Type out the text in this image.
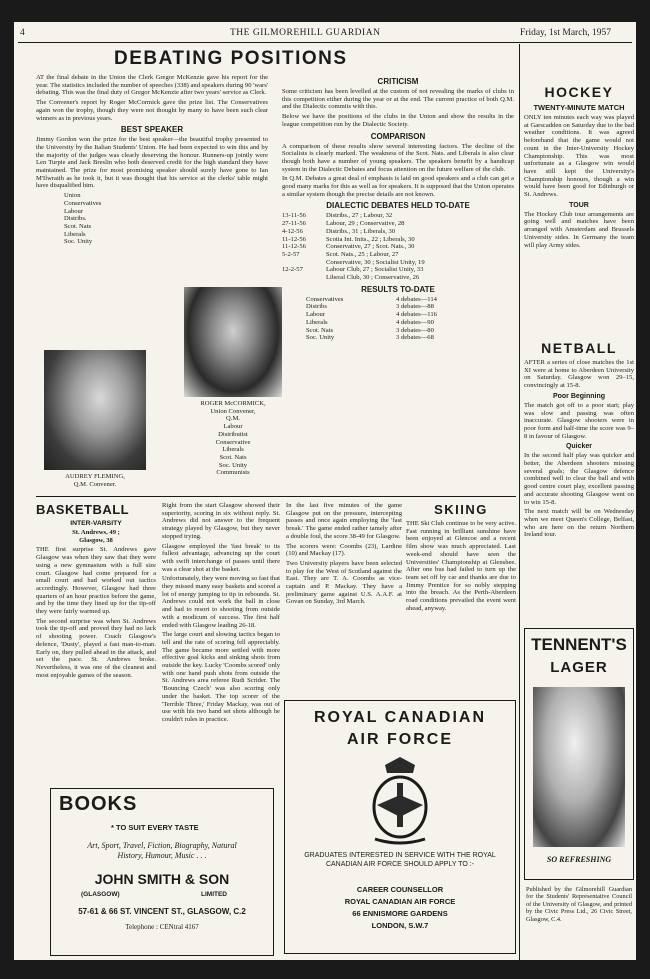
4	THE GILMOREHILL GUARDIAN	Friday, 1st March, 1957
DEBATING POSITIONS

AT the final debate in the Union the Clerk Gregor McKenzie gave his report for the year. The statistics included the number of speeches (338) and speakers during 90 'wars' debating. This was the final duty of Gregor McKenzie after two years' service as Clerk.

The Convener's report by Roger McCormick gave the prize list. The Conservatives again won the trophy, though they were not thought by many to have been such clear winners as in previous years.

BEST SPEAKER

Jimmy Gordon won the prize for the best speaker—the beautiful trophy presented to the University by the Italian Students' Union. He had been expected to win this and by the majority of the judges was clearly deserving the honour. Runners-up jointly were Len Turpie and Jack Breslin who both deserved credit for the high standard they have maintained. The prize for most promising speaker should surely have gone to Ian M'Ilwraith as he took it, but it was thought that his service at the clerks' table might have disqualified him.

Union
Conservatives
Labour
Distribs.
Scot. Nats
Liberals
Soc. Unity
ROGER McCORMICK,
Union Convener,
Q.M.
Labour
Distributist
Conservative
Liberals
Scot. Nats
Soc. Unity
Communists
AUDREY FLEMING,
Q.M. Convener.
CRITICISM

Some criticism has been levelled at the custom of not revealing the marks of clubs in this competition either during the year or at the end. The current practice of both Q.M. and the Dialectic commits with this.

Below we have the positions of the clubs in the Union and show the results in the league competition run by the Dialectic Society.

COMPARISON

A comparison of these results show several interesting factors. The decline of the Socialists is clearly marked. The weakness of the Scot. Nats. and Liberals is also clear though both have a number of young speakers. The speakers benefit by a handicap system in the Dialectic Debates and focus attention on the future welfare of the club.

In Q.M. Debates a great deal of emphasis is laid on good speakers and a club can get a good many marks for this as well as for speakers. It is supposed that the Union operates a similar system though the precise details are not known.

DIALECTIC DEBATES HELD TO-DATE
13-11-56	Distribs., 27 ; Labour, 32
27-11-56	Labour, 29 ; Conservative, 28
4-12-56	Distribs., 31 ; Liberals, 30
11-12-56	Scotia Int. Inits., 22 ; Liberals, 30
11-12-56	Conservative, 27 ; Scot. Nats., 30
5-2-57	Scot. Nats., 25 ; Labour, 27
Conservative, 30 ; Socialist Unity, 19
12-2-57	Labour Club, 27 ; Socialist Unity, 33
Liberal Club, 30 ; Conservative, 26
RESULTS TO-DATE
Conservatives	4 debates—114
Distribs	3 debates—88
Labour	4 debates—116
Liberals	4 debates—90
Scot. Nats	3 debates—80
Soc. Unity	3 debates—68
BASKETBALL
INTER-VARSITY
St. Andrews, 49 ;
Glasgow, 38

THE first surprise St. Andrews gave Glasgow was when they saw that they were using a new gymnasium with a full size court. Glasgow had come prepared for a small court and had worked out tactics accordingly. However, Glasgow had three quarters of an hour practice before the game, and by the time they lined up for the tip-off they were fairly warmed up.

The second surprise was when St. Andrews took the tip-off and proved they had no lack of shooting power. Coach Glasgow's defence, 'Dusty', played a fast man-to-man. Early on, they pulled ahead in the attack, and set the pace. St. Andrews broke. Nevertheless, it was one of the cleanest and most enjoyable games of the season.

Right from the start Glasgow showed their superiority, scoring in six without reply. St. Andrews did not answer to the frequent strategy played by Glasgow, but they never stopped trying.

Glasgow employed the 'fast break' to its fullest advantage, advancing up the court with swift interchange of passes until there was a clear shot at the basket.

Unfortunately, they were moving so fast that they missed many easy baskets and scored a lot of energy jumping to tip in rebounds. St. Andrews could not work the ball in close and had to resort to shooting from outside with a modicum of success. The first half ended with Glasgow leading 26-18.

The large court and slowing tactics began to tell and the rate of scoring fell appreciably. The game became more settled with more effective goal kicks and sinking shots from outside the key. Lucky 'Coombs scored' only with one hand push shots from outside the St. Andrews area referee Rudi Scrider. The 'Bouncing Czech' was also scoring only under the basket. The top scorer of the 'Terrible Three,' Friday Mackay, was out of use with his two hand set shots although he couldn't rules in practice.

In the last five minutes of the game Glasgow put on the pressure, intercepting passes and once again employing the 'fast break.' The game ended rather tamely after a double foul, the score 38-49 for Glasgow.

The scorers were: Coombs (23), Lardine (10) and Mackay (17).

Two University players have been selected to play for the West of Scotland against the East. They are T. A. Coombs as vice-captain and P. Mackay. They have a preliminary game against U.S. A.A.F. at Govan on Sunday, 3rd March.

SKIING

THE Ski Club continue to be very active. Fast running in brilliant sunshine have been enjoyed at Glencoe and a recent film show was much appreciated. Last week-end should have seen the Universities' Championship at Glenshee. After one bus had failed to turn up the team set off by car and thanks are due to Jimmy Prentice for so nobly stepping into the breach. As the Perth-Aberdeen road conditions prevailed the event went ahead, anyway.

BOOKS
* TO SUIT EVERY TASTE
Art, Sport, Travel, Fiction, Biography, Natural History, Humour, Music . . .
JOHN SMITH & SON
(GLASGOW)	LIMITED
57-61 & 66 ST. VINCENT ST., GLASGOW, C.2
Telephone : CENtral 4167
ROYAL CANADIAN
AIR FORCE
GRADUATES INTERESTED IN SERVICE WITH THE ROYAL CANADIAN AIR FORCE SHOULD APPLY TO :-
CAREER COUNSELLOR
ROYAL CANADIAN AIR FORCE
66 ENNISMORE GARDENS
LONDON, S.W.7
HOCKEY
TWENTY-MINUTE MATCH

ONLY ten minutes each way was played at Garscadden on Saturday due to the bad weather conditions. It was agreed beforehand that the game would not count in the Inter-University Hockey Championship. This was most unfortunate as a Glasgow win would have still kept the University's Championship honours, though a win would have been good for Edinburgh or St. Andrews.

TOUR

The Hockey Club tour arrangements are going well and matches have been arranged with Amsterdam and Brussels University sides. In Germany the team will play Army sides.

NETBALL

AFTER a series of close matches the 1st XI were at home to Aberdeen University on Saturday. Glasgow won 29–15, convincingly at 15-8.

Poor Beginning

The match got off to a poor start; play was slow and passing was often inaccurate. Glasgow shooters were in poor form and half-time the score was 9–8 in favour of Glasgow.

Quicker

In the second half play was quicker and better, the Aberdeen shooters missing several goals; the Glasgow defence combined well to clear the ball and with good centre court play, excellent passing and accurate shooting Glasgow went on to win 15-8.

The next match will be on Wednesday when we meet Queen's College, Belfast, who are here on the return Northern Ireland tour.

TENNENT'S
LAGER
SO REFRESHING

Published by the Gilmorehill Guardian for the Students' Representative Council of the University of Glasgow, and printed by the Civic Press Ltd., 26 Civic Street, Glasgow, C.4.
